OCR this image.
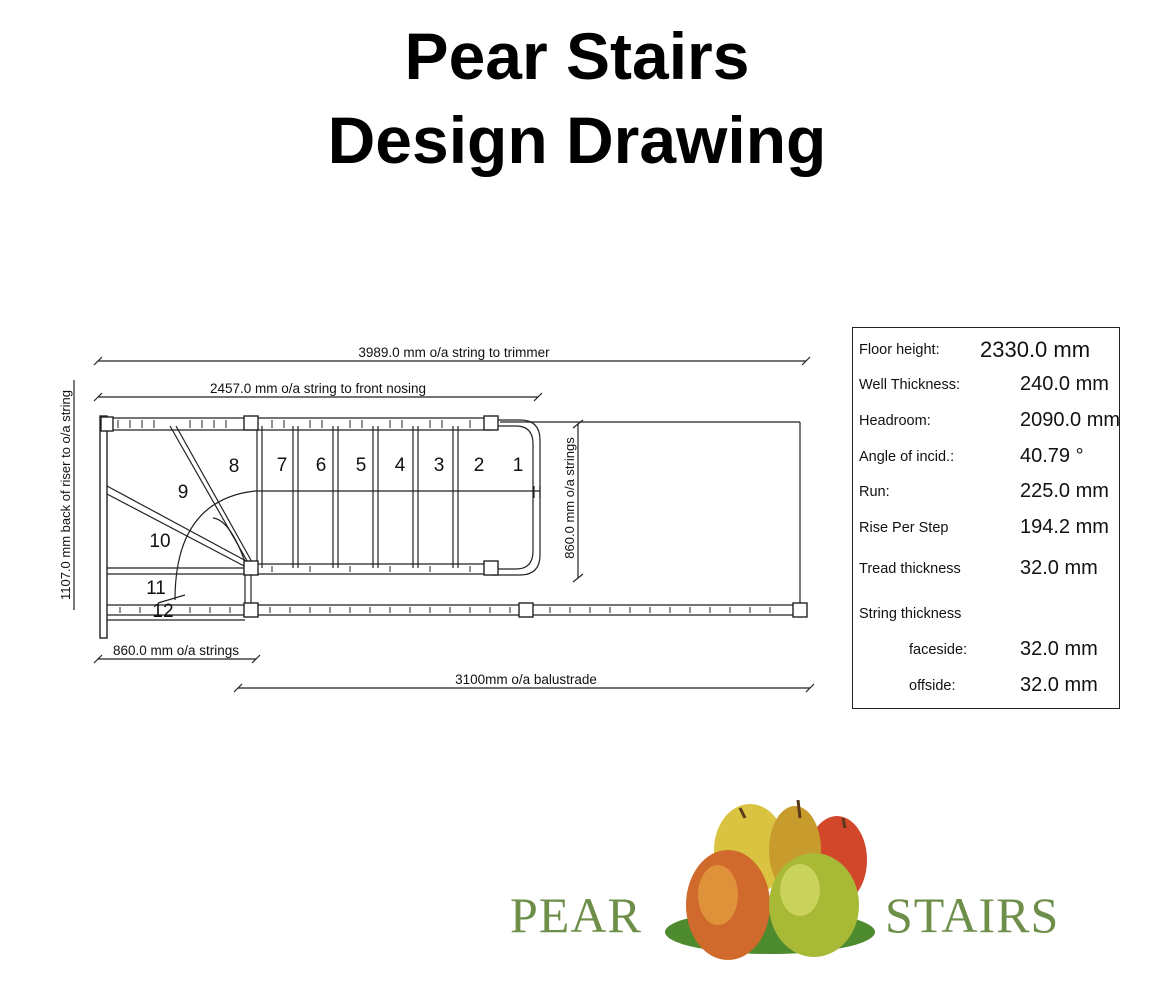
Pear Stairs
Design Drawing
3989.0 mm o/a string to trimmer
2457.0 mm o/a string to front nosing
1107.0 mm back of riser to o/a string	860.0 mm o/a strings
860.0 mm o/a strings
3100mm o/a balustrade
1
2
3
4
5
6
7
8
9
10
11
12
Floor height: 2330.0 mm
Well Thickness:	240.0 mm
Headroom:	2090.0 mm
Angle of incid.:	40.79 °
Run:	225.0 mm
Rise Per Step	194.2 mm
Tread thickness	32.0 mm
String thickness
faceside:	32.0 mm
offside:	32.0 mm
PEAR	STAIRS
